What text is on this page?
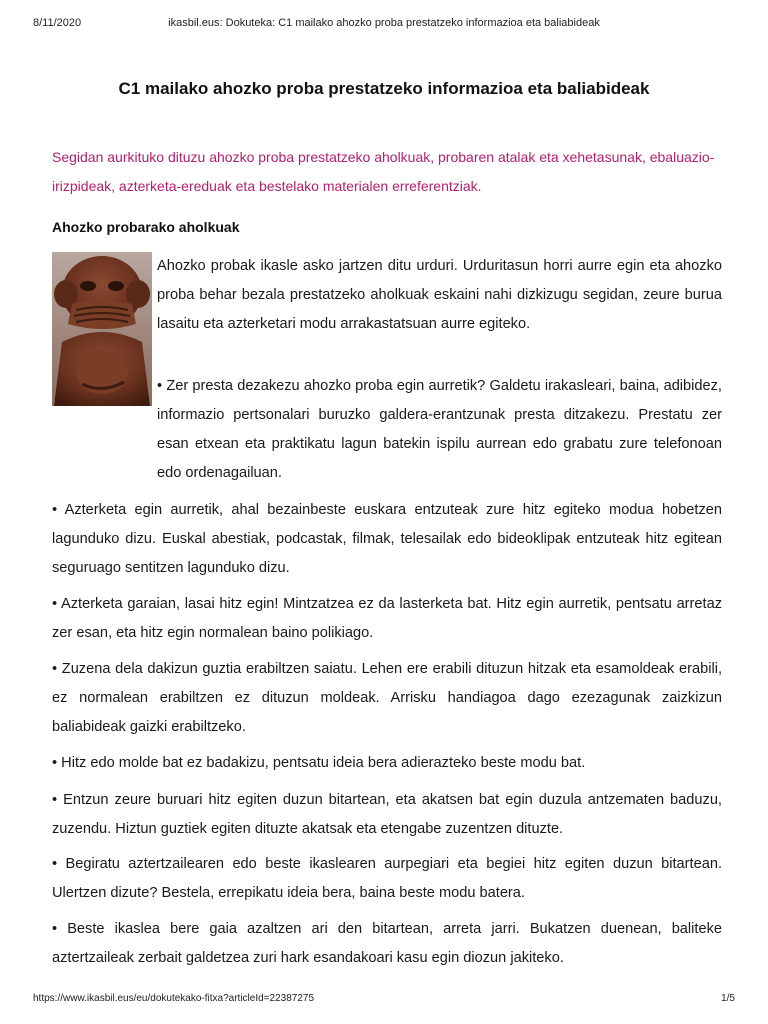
8/11/2020	ikasbil.eus: Dokuteka: C1 mailako ahozko proba prestatzeko informazioa eta baliabideak
C1 mailako ahozko proba prestatzeko informazioa eta baliabideak

Segidan aurkituko dituzu ahozko proba prestatzeko aholkuak, probaren atalak eta xehetasunak, ebaluazio-irizpideak, azterketa-ereduak eta bestelako materialen erreferentziak.

Ahozko probarako aholkuak

Ahozko probak ikasle asko jartzen ditu urduri. Urduritasun horri aurre egin eta ahozko proba behar bezala prestatzeko aholkuak eskaini nahi dizkizugu segidan, zeure burua lasaitu eta azterketari modu arrakastatsuan aurre egiteko.

• Zer presta dezakezu ahozko proba egin aurretik? Galdetu irakasleari, baina, adibidez, informazio pertsonalari buruzko galdera-erantzunak presta ditzakezu. Prestatu zer esan etxean eta praktikatu lagun batekin ispilu aurrean edo grabatu zure telefonoan edo ordenagailuan.

• Azterketa egin aurretik, ahal bezainbeste euskara entzuteak zure hitz egiteko modua hobetzen lagunduko dizu. Euskal abestiak, podcastak, filmak, telesailak edo bideoklipak entzuteak hitz egitean seguruago sentitzen lagunduko dizu.

• Azterketa garaian, lasai hitz egin! Mintzatzea ez da lasterketa bat. Hitz egin aurretik, pentsatu arretaz zer esan, eta hitz egin normalean baino polikiago.

• Zuzena dela dakizun guztia erabiltzen saiatu. Lehen ere erabili dituzun hitzak eta esamoldeak erabili, ez normalean erabiltzen ez dituzun moldeak. Arrisku handiagoa dago ezezagunak zaizkizun baliabideak gaizki erabiltzeko.

• Hitz edo molde bat ez badakizu, pentsatu ideia bera adierazteko beste modu bat.

• Entzun zeure buruari hitz egiten duzun bitartean, eta akatsen bat egin duzula antzematen baduzu, zuzendu. Hiztun guztiek egiten dituzte akatsak eta etengabe zuzentzen dituzte.

• Begiratu aztertzailearen edo beste ikaslearen aurpegiari eta begiei hitz egiten duzun bitartean. Ulertzen dizute? Bestela, errepikatu ideia bera, baina beste modu batera.

• Beste ikaslea bere gaia azaltzen ari den bitartean, arreta jarri. Bukatzen duenean, baliteke aztertzaileak zerbait galdetzea zuri hark esandakoari kasu egin diozun jakiteko.

https://www.ikasbil.eus/eu/dokutekako-fitxa?articleId=22387275	1/5
